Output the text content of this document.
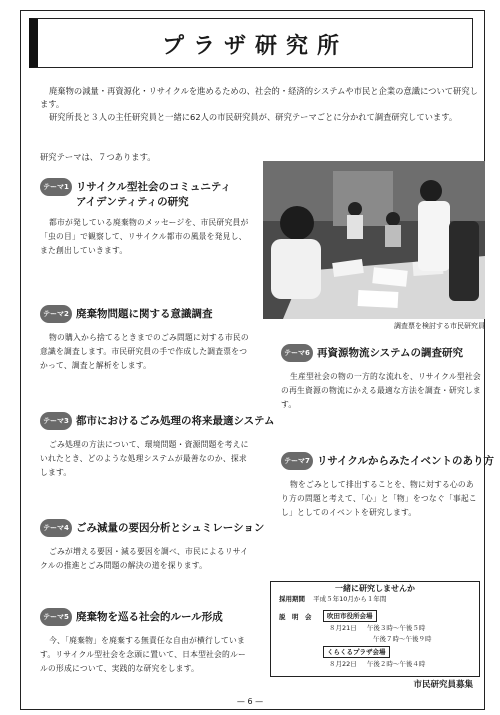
プラザ研究所

廃棄物の減量・再資源化・リサイクルを進めるための、社会的・経済的システムや市民と企業の意識について研究します。

研究所長と３人の主任研究員と一緒に62人の市民研究員が、研究テーマごとに分かれて調査研究しています。

研究テーマは、７つあります。
テーマ1 リサイクル型社会のコミュニティ
アイデンティティの研究

都市が発している廃棄物のメッセージを、市民研究員が「虫の目」で観察して、リサイクル都市の風景を発見し、また創出していきます。

テーマ2 廃棄物問題に関する意識調査

物の購入から捨てるときまでのごみ問題に対する市民の意識を調査します。市民研究員の手で作成した調査票をつかって、調査と解析をします。

テーマ3 都市におけるごみ処理の将来最適システム

ごみ処理の方法について、環境問題・資源問題を考えにいれたとき、どのような処理システムが最善なのか、探求します。

テーマ4 ごみ減量の要因分析とシュミレーション

ごみが増える要因・減る要因を調べ、市民によるリサイクルの推進とごみ問題の解決の道を探ります。

テーマ5 廃棄物を巡る社会的ルール形成

今、「廃棄物」を廃棄する無責任な自由が横行しています。リサイクル型社会を念頭に置いて、日本型社会的ルールの形成について、実践的な研究をします。

調査票を検討する市民研究員
テーマ6 再資源物流システムの調査研究

生産型社会の物の一方的な流れを、リサイクル型社会の再生資源の物流にかえる最適な方法を調査・研究します。

テーマ7 リサイクルからみたイベントのあり方

物をごみとして排出することを、物に対する心のあり方の問題と考えて、「心」と「物」をつなぐ「事起こし」としてのイベントを研究します。

一緒に研究しませんか
採用期間 平成５年10月から１年間
説　明　会	吹田市役所会場
８月21日 午後３時〜午後５時
午後７時〜午後９時
くらくるプラザ会場
８月22日 午後２時〜午後４時
市民研究員募集
— 6 —
